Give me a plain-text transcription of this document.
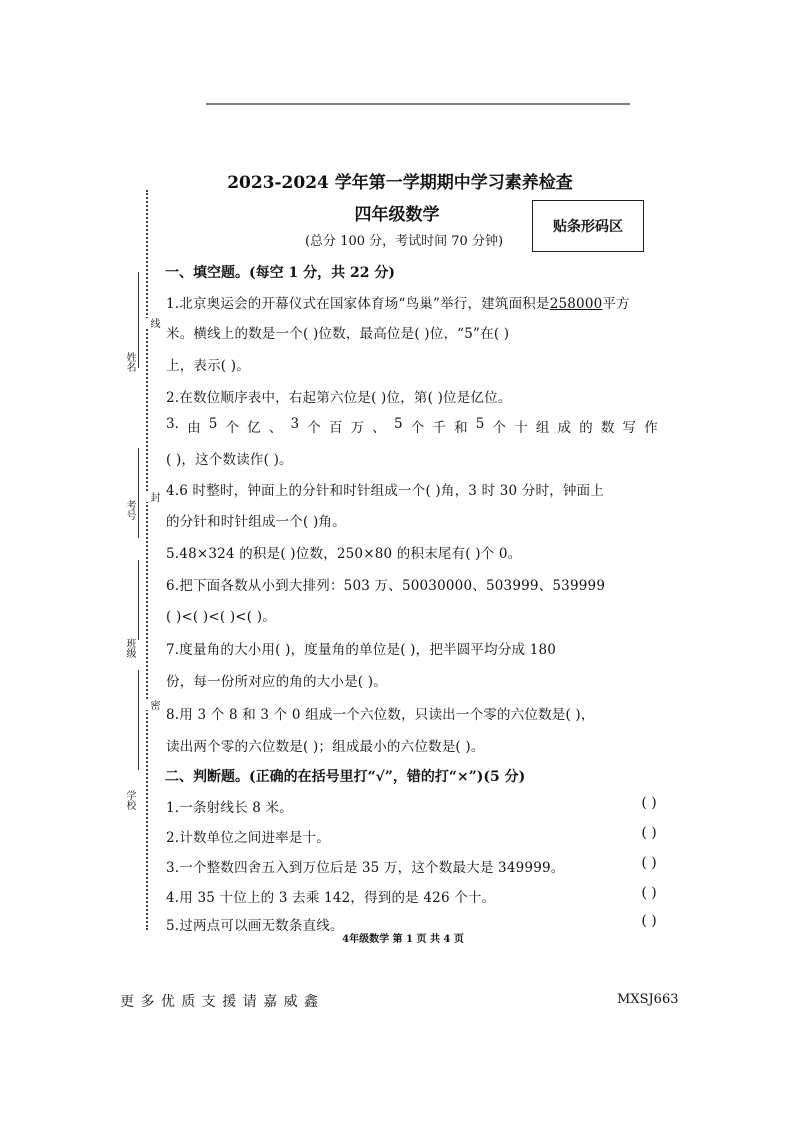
姓名
考号
班级
学校
线
封
密
2023-2024 学年第一学期期中学习素养检查
四年级数学
(总分 100 分，考试时间 70 分钟)
贴条形码区
一、填空题。(每空 1 分，共 22 分)
1.北京奥运会的开幕仪式在国家体育场“鸟巢”举行，建筑面积是258000平方
米。横线上的数是一个( )位数，最高位是( )位，“5”在( )
上，表示( )。
2.在数位顺序表中，右起第六位是( )位，第( )位是亿位。
3. 由 5 个 亿 、 3 个 百 万 、 5 个 千 和 5 个 十 组 成 的 数 写 作
( )，这个数读作( )。
4.6 时整时，钟面上的分针和时针组成一个( )角，3 时 30 分时，钟面上
的分针和时针组成一个( )角。
5.48×324 的积是( )位数，250×80 的积末尾有( )个 0。
6.把下面各数从小到大排列：503 万、50030000、503999、539999
( )<( )<( )<( )。
7.度量角的大小用( )，度量角的单位是( )，把半圆平均分成 180
份，每一份所对应的角的大小是( )。
8.用 3 个 8 和 3 个 0 组成一个六位数，只读出一个零的六位数是( )，
读出两个零的六位数是( )；组成最小的六位数是( )。
二、判断题。(正确的在括号里打“√”，错的打“×”)(5 分)
1.一条射线长 8 米。	( )
2.计数单位之间进率是十。	( )
3.一个整数四舍五入到万位后是 35 万，这个数最大是 349999。	( )
4.用 35 十位上的 3 去乘 142，得到的是 426 个十。	( )
5.过两点可以画无数条直线。	( )
4年级数学 第 1 页 共 4 页
更 多 优 质 支 援 请 嘉 威 鑫	MXSJ663
